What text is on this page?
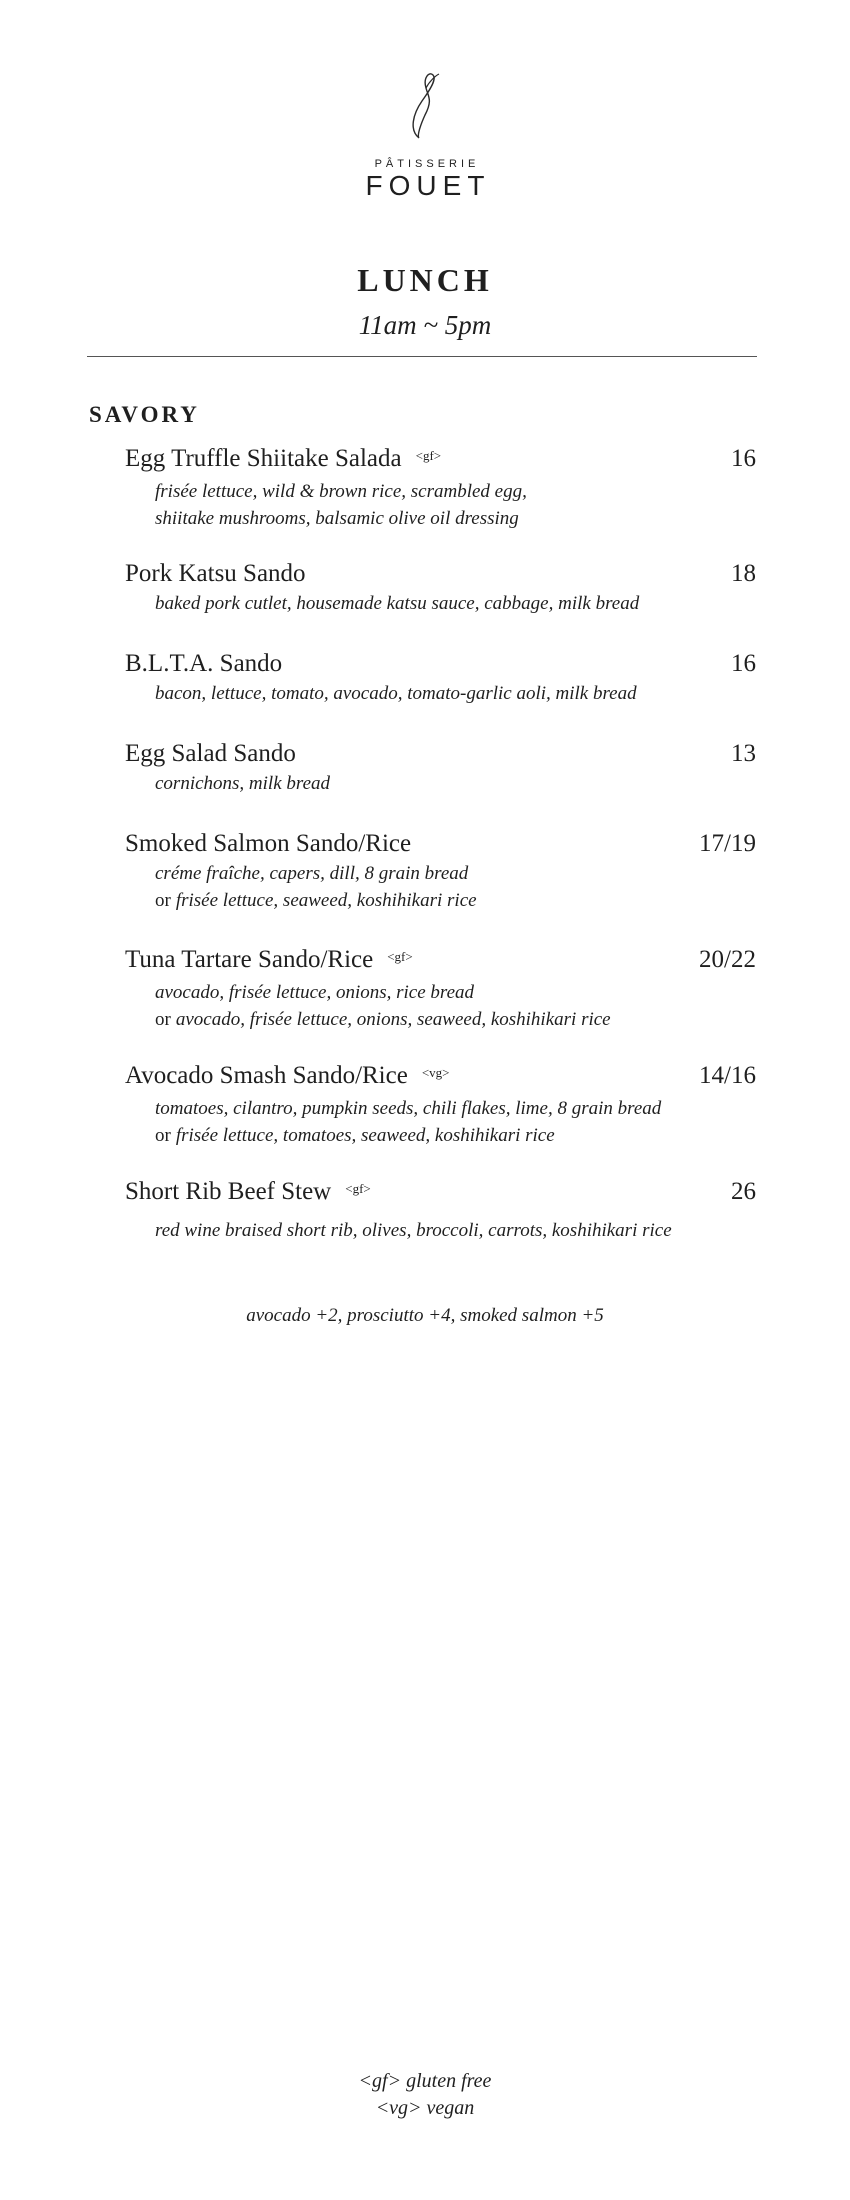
PÂTISSERIE
FOUET
LUNCH
11am ~ 5pm
SAVORY
Egg Truffle Shiitake Salada $^{<gf>}$	16
frisée lettuce, wild & brown rice, scrambled egg,
shiitake mushrooms, balsamic olive oil dressing
Pork Katsu Sando	18
baked pork cutlet, housemade katsu sauce, cabbage, milk bread
B.L.T.A. Sando	16
bacon, lettuce, tomato, avocado, tomato-garlic aoli, milk bread
Egg Salad Sando	13
cornichons, milk bread
Smoked Salmon Sando/Rice	17/19
créme fraîche, capers, dill, 8 grain bread
or frisée lettuce, seaweed, koshihikari rice
Tuna Tartare Sando/Rice $^{<gf>}$	20/22
avocado, frisée lettuce, onions, rice bread
or avocado, frisée lettuce, onions, seaweed, koshihikari rice
Avocado Smash Sando/Rice $^{<vg>}$	14/16
tomatoes, cilantro, pumpkin seeds, chili flakes, lime, 8 grain bread
or frisée lettuce, tomatoes, seaweed, koshihikari rice
Short Rib Beef Stew $^{<gf>}$	26
red wine braised short rib, olives, broccoli, carrots, koshihikari rice
avocado +2, prosciutto +4, smoked salmon +5
<gf> gluten free
<vg> vegan
